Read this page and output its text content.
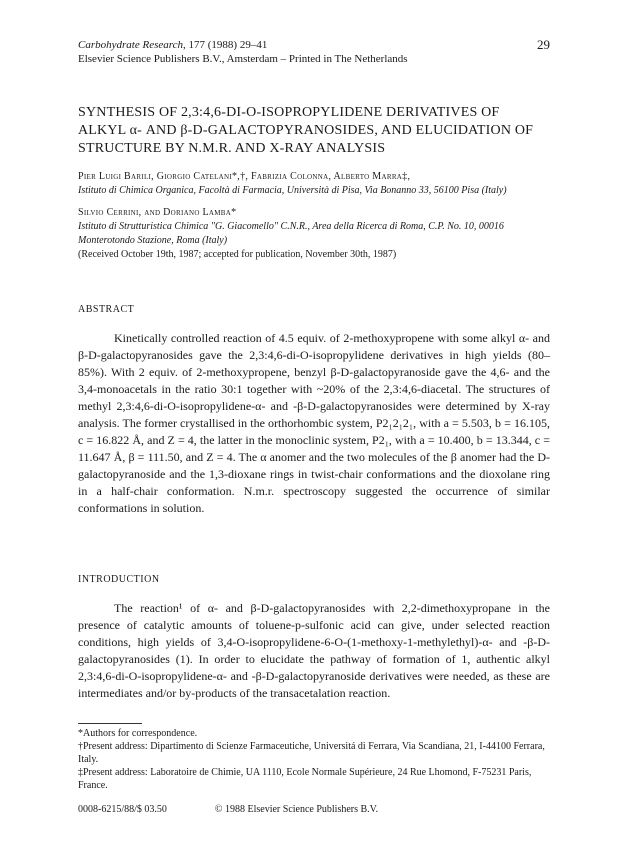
Carbohydrate Research, 177 (1988) 29–41
Elsevier Science Publishers B.V., Amsterdam – Printed in The Netherlands
29
SYNTHESIS OF 2,3:4,6-DI-O-ISOPROPYLIDENE DERIVATIVES OF ALKYL α- AND β-D-GALACTOPYRANOSIDES, AND ELUCIDATION OF STRUCTURE BY N.M.R. AND X-RAY ANALYSIS
Pier Luigi Barili, Giorgio Catelani*,†, Fabrizia Colonna, Alberto Marra‡,
Istituto di Chimica Organica, Facoltà di Farmacia, Università di Pisa, Via Bonanno 33, 56100 Pisa (Italy)
Silvio Cerrini, and Doriano Lamba*
Istituto di Strutturistica Chimica "G. Giacomello" C.N.R., Area della Ricerca di Roma, C.P. No. 10, 00016 Monterotondo Stazione, Roma (Italy)
(Received October 19th, 1987; accepted for publication, November 30th, 1987)
ABSTRACT

Kinetically controlled reaction of 4.5 equiv. of 2-methoxypropene with some alkyl α- and β-D-galactopyranosides gave the 2,3:4,6-di-O-isopropylidene derivatives in high yields (80–85%). With 2 equiv. of 2-methoxypropene, benzyl β-D-galactopyranoside gave the 4,6- and the 3,4-monoacetals in the ratio 30:1 together with ~20% of the 2,3:4,6-diacetal. The structures of methyl 2,3:4,6-di-O-isopropylidene-α- and -β-D-galactopyranosides were determined by X-ray analysis. The former crystallised in the orthorhombic system, P2₁2₁2₁, with a = 5.503, b = 16.105, c = 16.822 Å, and Z = 4, the latter in the monoclinic system, P2₁, with a = 10.400, b = 13.344, c = 11.647 Å, β = 111.50, and Z = 4. The α anomer and the two molecules of the β anomer had the D-galactopyranoside and the 1,3-dioxane rings in twist-chair conformations and the dioxolane ring in a half-chair conformation. N.m.r. spectroscopy suggested the occurrence of similar conformations in solution.

INTRODUCTION

The reaction¹ of α- and β-D-galactopyranosides with 2,2-dimethoxypropane in the presence of catalytic amounts of toluene-p-sulfonic acid can give, under selected reaction conditions, high yields of 3,4-O-isopropylidene-6-O-(1-methoxy-1-methylethyl)-α- and -β-D-galactopyranosides (1). In order to elucidate the pathway of formation of 1, authentic alkyl 2,3:4,6-di-O-isopropylidene-α- and -β-D-galactopyranoside derivatives were needed, as these are intermediates and/or by-products of the transacetalation reaction.

*Authors for correspondence.
†Present address: Dipartimento di Scienze Farmaceutiche, Universitá di Ferrara, Via Scandiana, 21, I-44100 Ferrara, Italy.
‡Present address: Laboratoire de Chimie, UA 1110, Ecole Normale Supérieure, 24 Rue Lhomond, F-75231 Paris, France.
0008-6215/88/$ 03.50	© 1988 Elsevier Science Publishers B.V.
